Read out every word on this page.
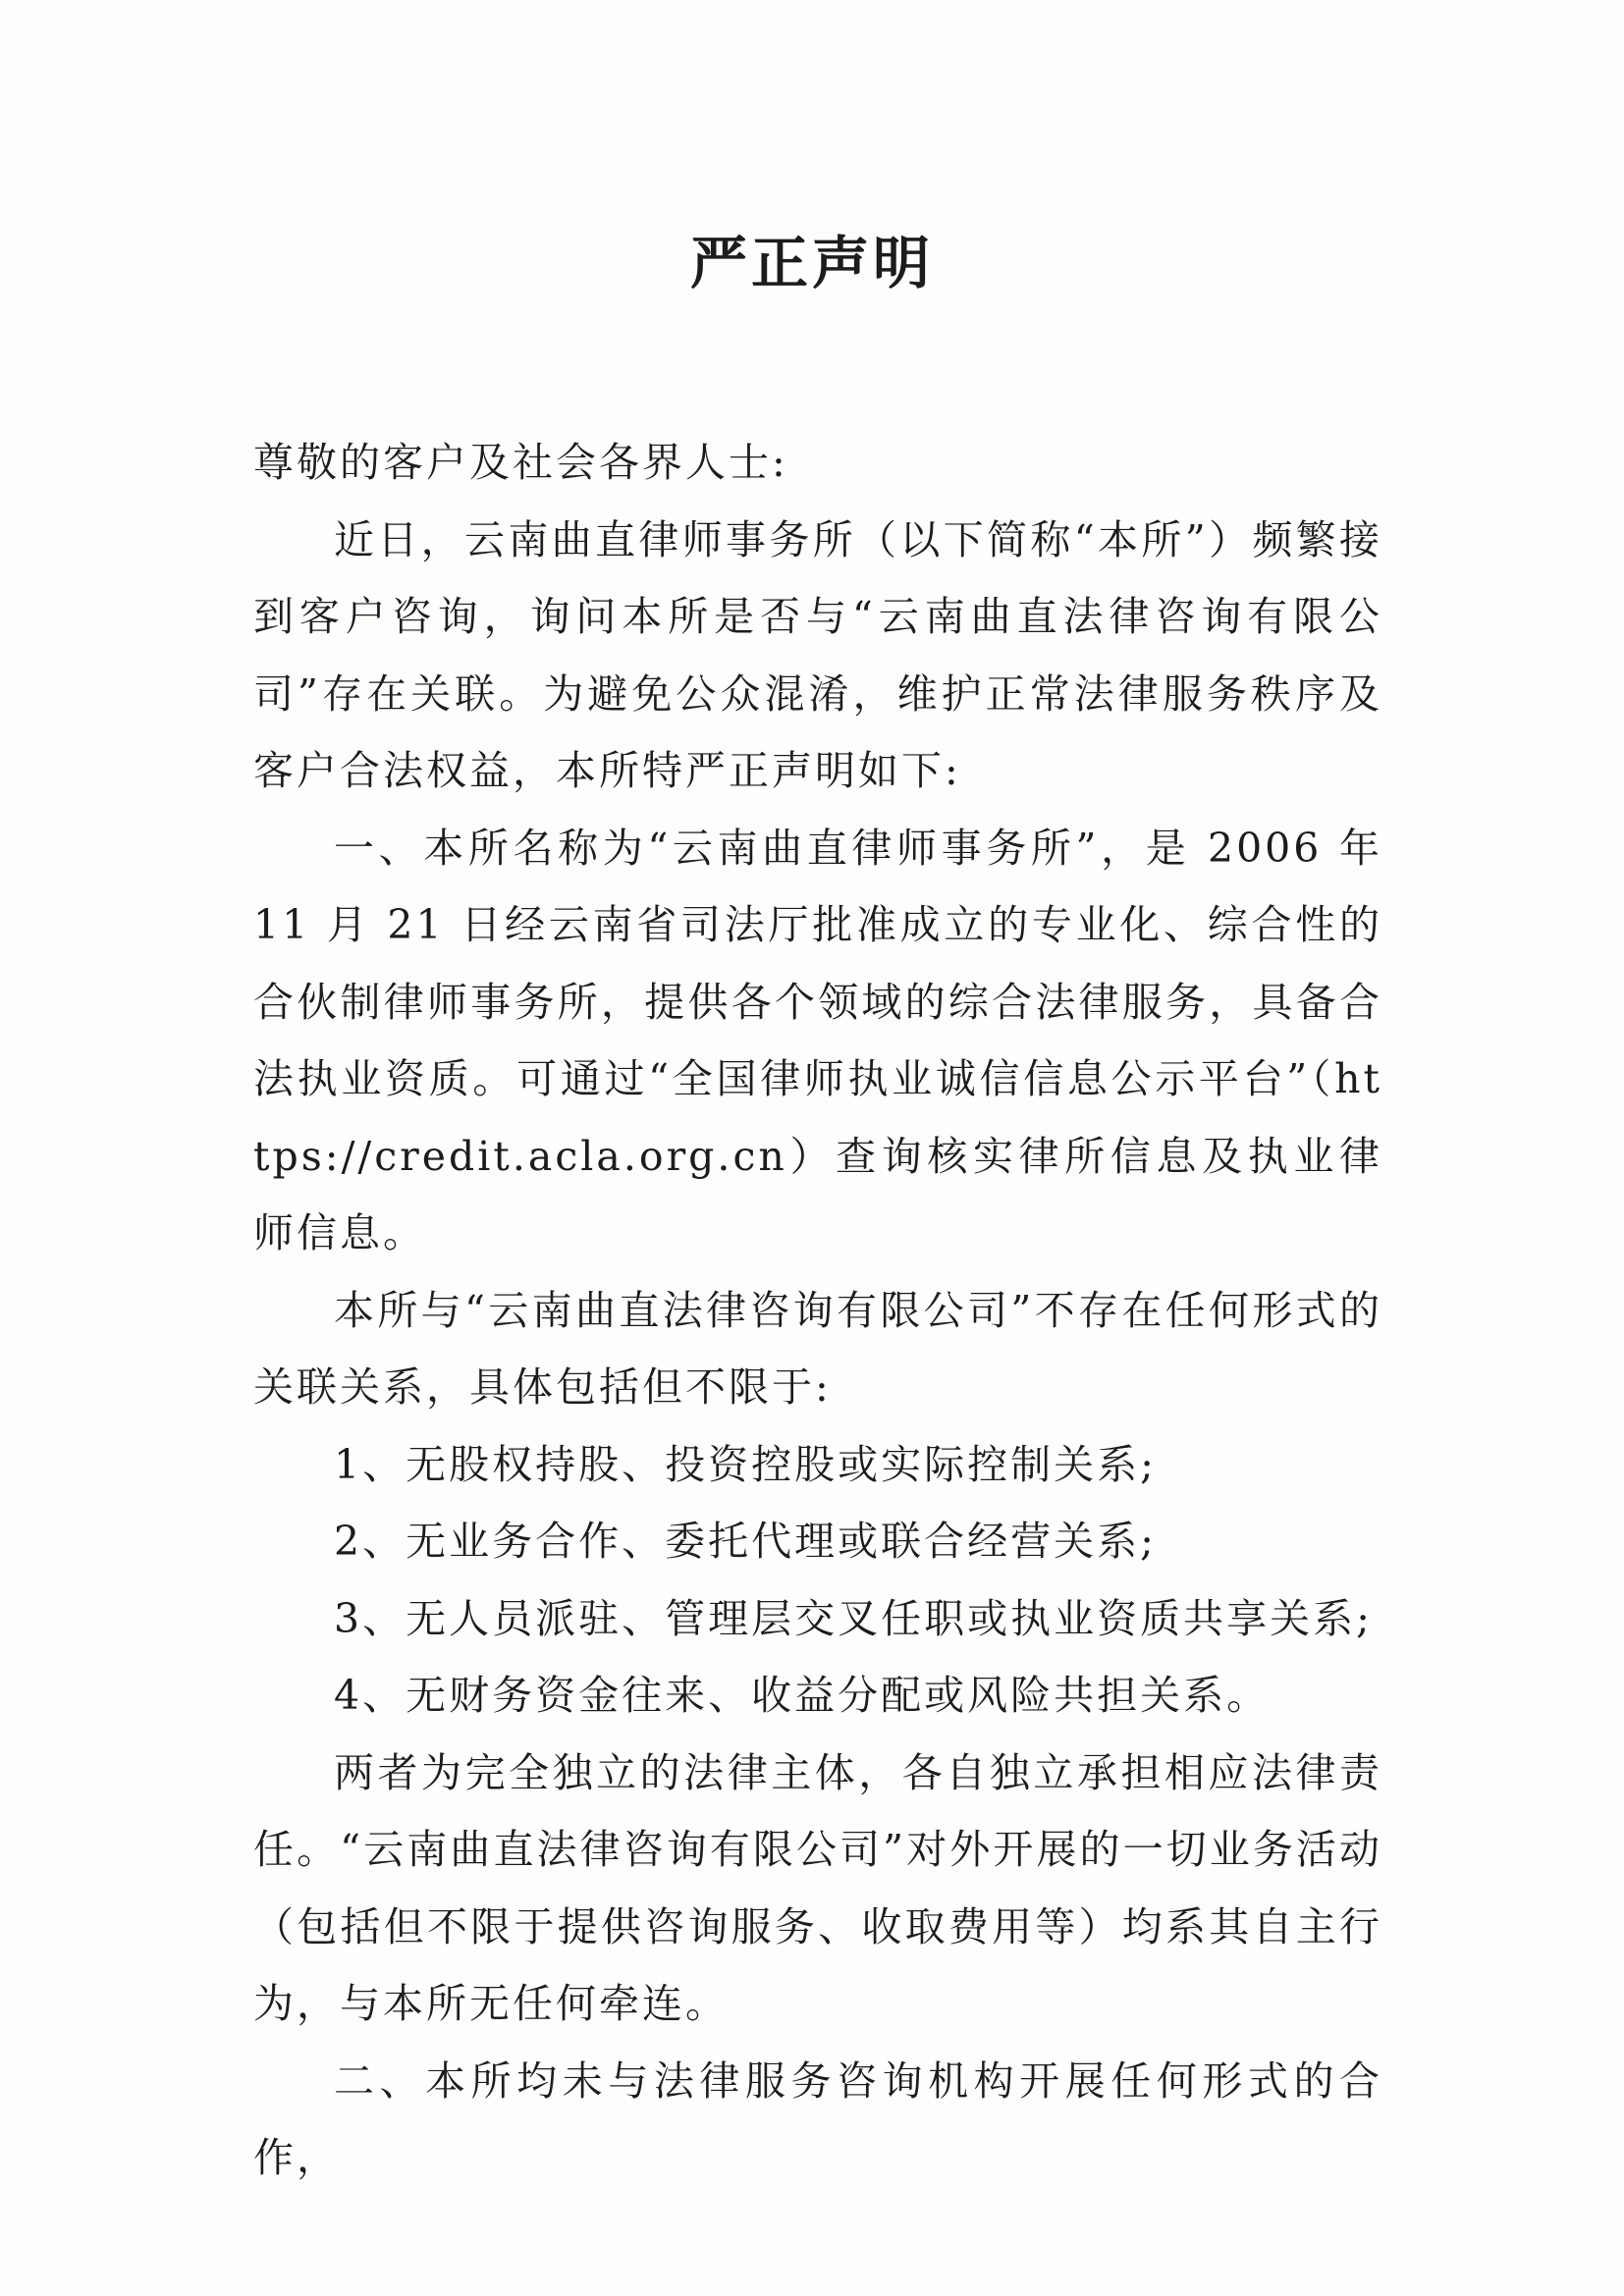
严正声明

尊敬的客户及社会各界人士:

近日，云南曲直律师事务所（以下简称“本所”）频繁接到客户咨询，询问本所是否与“云南曲直法律咨询有限公司”存在关联。为避免公众混淆，维护正常法律服务秩序及客户合法权益，本所特严正声明如下:

一、本所名称为“云南曲直律师事务所”，是 2006 年 11 月 21 日经云南省司法厅批准成立的专业化、综合性的合伙制律师事务所，提供各个领域的综合法律服务，具备合法执业资质。可通过“全国律师执业诚信信息公示平台”（https://credit.acla.org.cn）查询核实律所信息及执业律师信息。

本所与“云南曲直法律咨询有限公司”不存在任何形式的关联关系，具体包括但不限于:

1、无股权持股、投资控股或实际控制关系;

2、无业务合作、委托代理或联合经营关系;

3、无人员派驻、管理层交叉任职或执业资质共享关系;

4、无财务资金往来、收益分配或风险共担关系。

两者为完全独立的法律主体，各自独立承担相应法律责任。“云南曲直法律咨询有限公司”对外开展的一切业务活动（包括但不限于提供咨询服务、收取费用等）均系其自主行为，与本所无任何牵连。

二、本所均未与法律服务咨询机构开展任何形式的合作，
